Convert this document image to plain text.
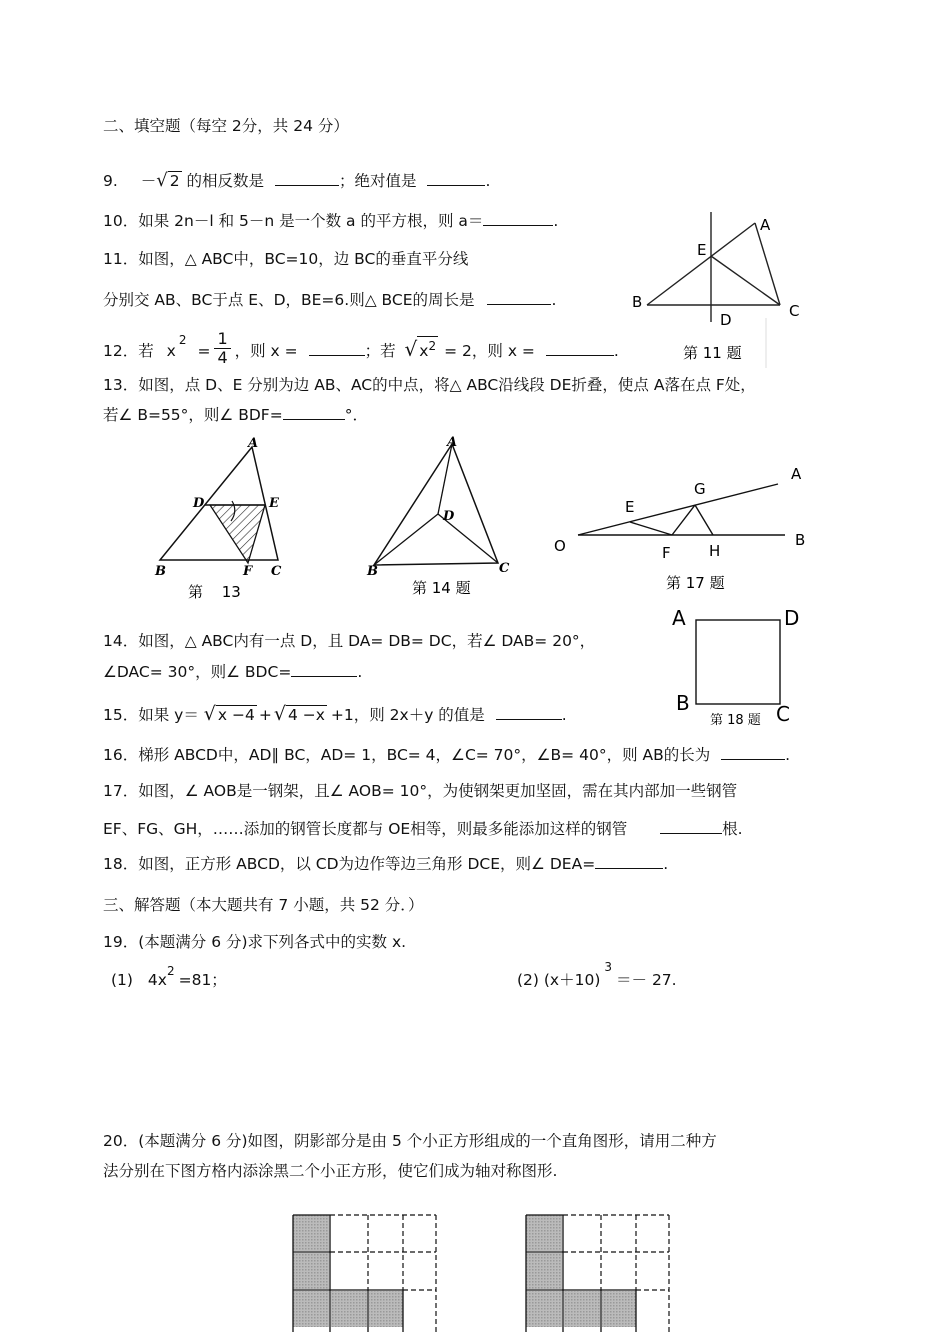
二、填空题（每空 2分，共 24 分）
9. －√ 2 的相反数是	；绝对值是	.
10．如果 2n－l 和 5－n 是一个数 a 的平方根，则 a＝	.
11．如图，△ ABC中，BC=10，边 BC的垂直平分线
分别交 AB、BC于点 E、D，BE=6.则△ BCE的周长是	.
A
E
B	C
D
第 11 题
12．若 $x^2 = \frac{1}{4}$ ，则 x =	；若 √ $x^2 = 2$，则 x =	.
13．如图，点 D、E 分别为边 AB、AC的中点，将△ ABC沿线段 DE折叠，使点 A落在点 F处，
若∠ B=55°，则∠ BDF=	°．
A
D	E
B	F C
第 13
A
D
B	C
第 14 题
A
B
O
E
G
F	H
第 17 题
A	D
B	C
第 18 题
14．如图，△ ABC内有一点 D，且 DA= DB= DC，若∠ DAB= 20°，
∠DAC= 30°，则∠ BDC=	.
15．如果 y＝ √ x −4 + √ 4 −x +1，则 2x＋y 的值是	.
16．梯形 ABCD中，AD∥ BC，AD= 1，BC= 4，∠C= 70°，∠B= 40°，则 AB的长为	.
17．如图，∠ AOB是一钢架，且∠ AOB= 10°，为使钢架更加坚固，需在其内部加一些钢管
EF、FG、GH，……添加的钢管长度都与 OE相等，则最多能添加这样的钢管	根.
18．如图，正方形 ABCD，以 CD为边作等边三角形 DCE，则∠ DEA=	.
三、解答题（本大题共有 7 小题，共 52 分．）
19．(本题满分 6 分)求下列各式中的实数 x.
(1) $4x^2=81$；	(2) $(x+10)^3=- 27$.
20．(本题满分 6 分)如图，阴影部分是由 5 个小正方形组成的一个直角图形，请用二种方
法分别在下图方格内添涂黑二个小正方形，使它们成为轴对称图形.
